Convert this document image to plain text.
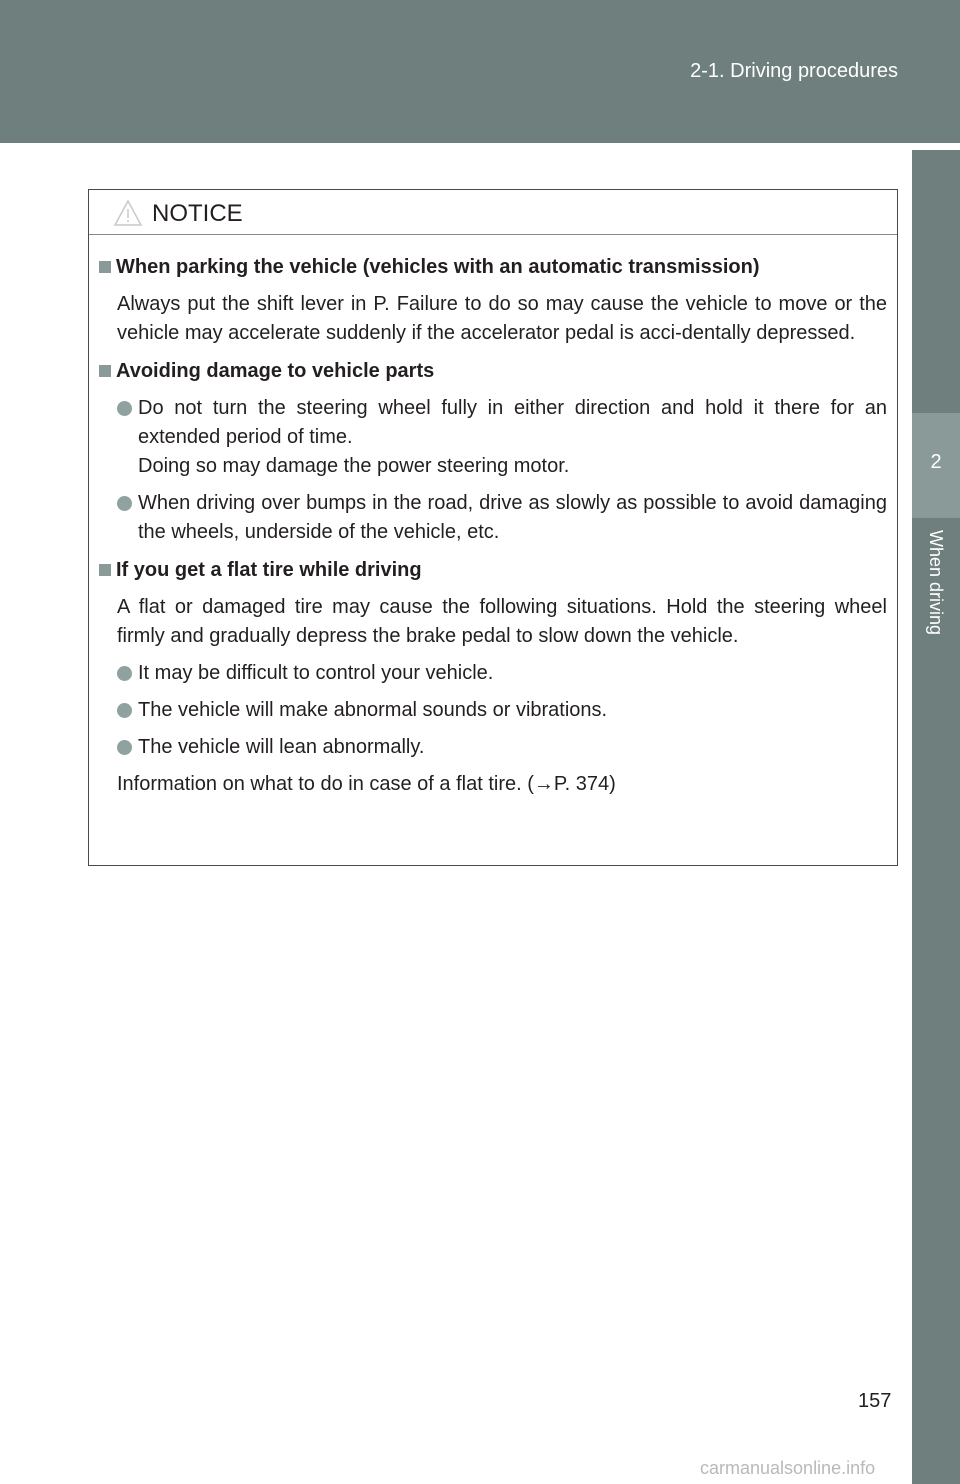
2-1. Driving procedures
2
When driving
NOTICE
When parking the vehicle (vehicles with an automatic transmission)
Always put the shift lever in P. Failure to do so may cause the vehicle to move or the vehicle may accelerate suddenly if the accelerator pedal is acci-dentally depressed.
Avoiding damage to vehicle parts
Do not turn the steering wheel fully in either direction and hold it there for an extended period of time.
Doing so may damage the power steering motor.
When driving over bumps in the road, drive as slowly as possible to avoid damaging the wheels, underside of the vehicle, etc.
If you get a flat tire while driving
A flat or damaged tire may cause the following situations. Hold the steering wheel firmly and gradually depress the brake pedal to slow down the vehicle.
It may be difficult to control your vehicle.
The vehicle will make abnormal sounds or vibrations.
The vehicle will lean abnormally.
Information on what to do in case of a flat tire. (→P. 374)
157
carmanualsonline.info
